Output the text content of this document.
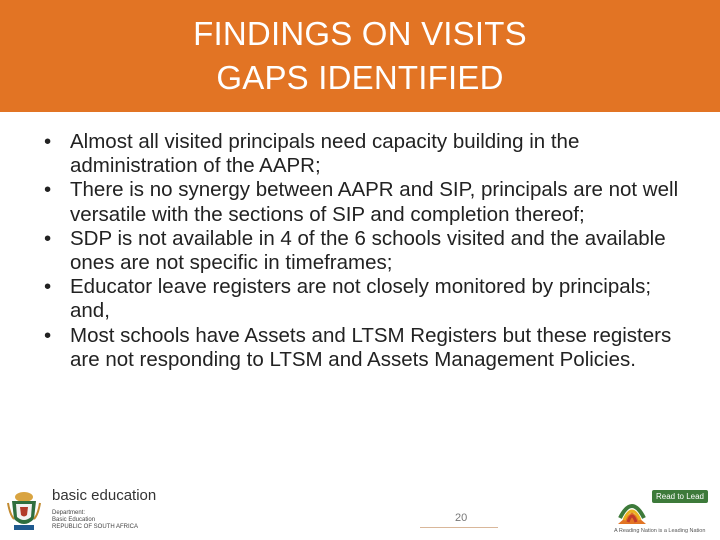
FINDINGS ON VISITS
GAPS IDENTIFIED
• Almost all visited principals need capacity building in the administration of the AAPR;
• There is no synergy between AAPR and SIP, principals are not well versatile with the sections of SIP and completion thereof;
• SDP is not available in 4 of the 6 schools visited and the available ones are not specific in timeframes;
• Educator leave registers are not closely monitored by principals; and,
• Most schools have Assets and LTSM Registers but these registers are not responding to LTSM and Assets Management Policies.
basic education
Department:
Basic Education
REPUBLIC OF SOUTH AFRICA
20
Read to Lead
A Reading Nation is a Leading Nation
